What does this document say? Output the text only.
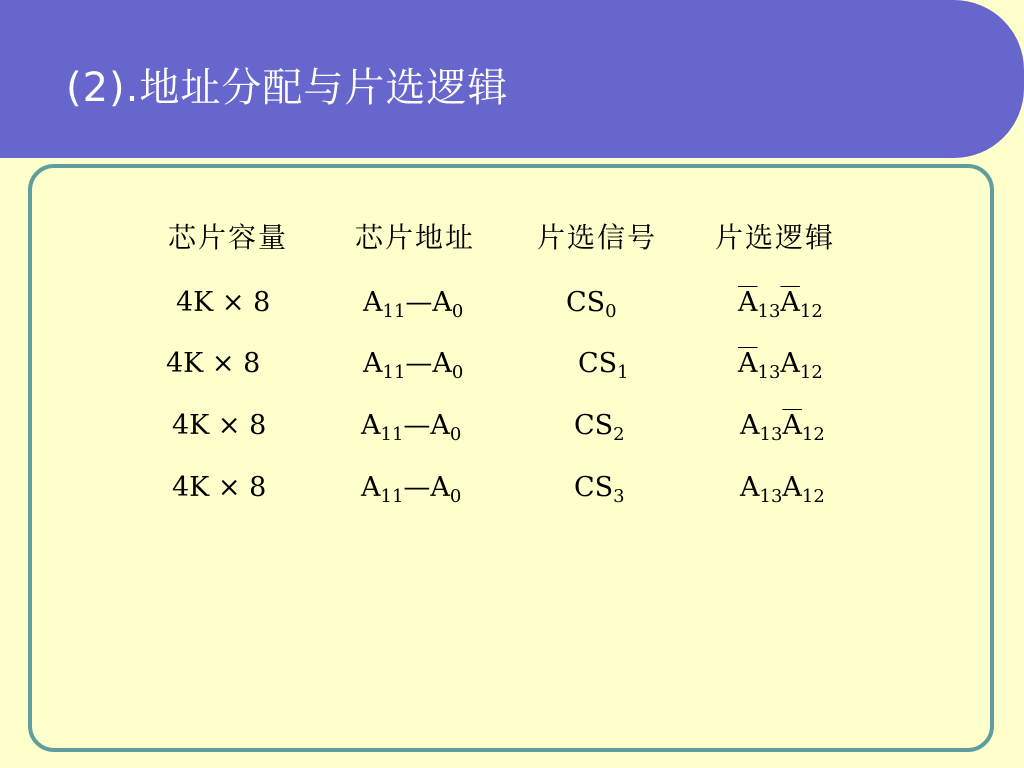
(2).地址分配与片选逻辑
芯片容量 芯片地址 片选信号 片选逻辑
4K × 8	$A_{11}—A_0$	$CS_0$	$\overline{A}_{13}\overline{A}_{12}$
4K × 8	$A_{11}—A_0$	$CS_1$	$\overline{A}_{13}A_{12}$
4K × 8	$A_{11}—A_0$	$CS_2$	$A_{13}\overline{A}_{12}$
4K × 8	$A_{11}—A_0$	$CS_3$	$A_{13}A_{12}$
